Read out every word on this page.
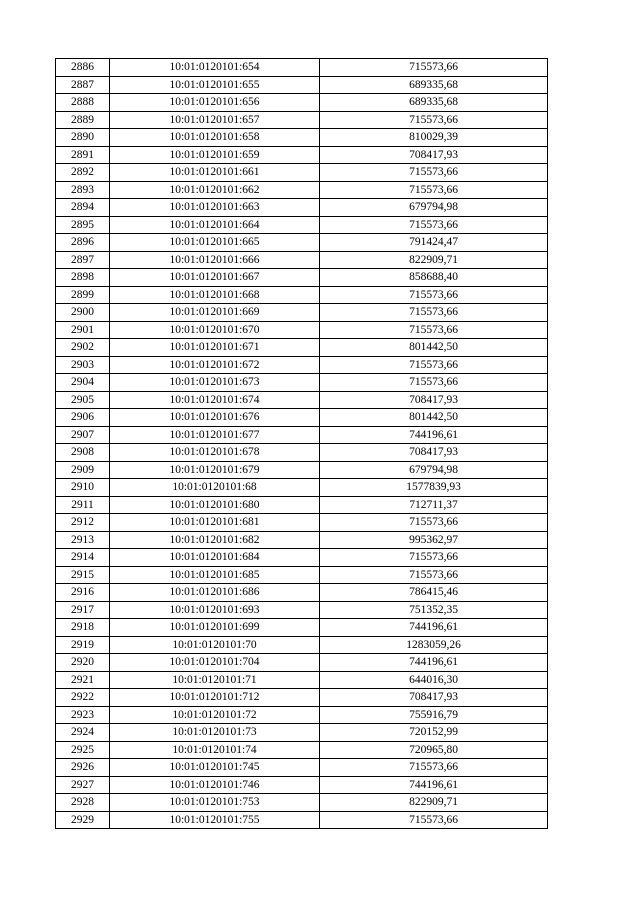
2886	10:01:0120101:654	715573,66
2887	10:01:0120101:655	689335,68
2888	10:01:0120101:656	689335,68
2889	10:01:0120101:657	715573,66
2890	10:01:0120101:658	810029,39
2891	10:01:0120101:659	708417,93
2892	10:01:0120101:661	715573,66
2893	10:01:0120101:662	715573,66
2894	10:01:0120101:663	679794,98
2895	10:01:0120101:664	715573,66
2896	10:01:0120101:665	791424,47
2897	10:01:0120101:666	822909,71
2898	10:01:0120101:667	858688,40
2899	10:01:0120101:668	715573,66
2900	10:01:0120101:669	715573,66
2901	10:01:0120101:670	715573,66
2902	10:01:0120101:671	801442,50
2903	10:01:0120101:672	715573,66
2904	10:01:0120101:673	715573,66
2905	10:01:0120101:674	708417,93
2906	10:01:0120101:676	801442,50
2907	10:01:0120101:677	744196,61
2908	10:01:0120101:678	708417,93
2909	10:01:0120101:679	679794,98
2910	10:01:0120101:68	1577839,93
2911	10:01:0120101:680	712711,37
2912	10:01:0120101:681	715573,66
2913	10:01:0120101:682	995362,97
2914	10:01:0120101:684	715573,66
2915	10:01:0120101:685	715573,66
2916	10:01:0120101:686	786415,46
2917	10:01:0120101:693	751352,35
2918	10:01:0120101:699	744196,61
2919	10:01:0120101:70	1283059,26
2920	10:01:0120101:704	744196,61
2921	10:01:0120101:71	644016,30
2922	10:01:0120101:712	708417,93
2923	10:01:0120101:72	755916,79
2924	10:01:0120101:73	720152,99
2925	10:01:0120101:74	720965,80
2926	10:01:0120101:745	715573,66
2927	10:01:0120101:746	744196,61
2928	10:01:0120101:753	822909,71
2929	10:01:0120101:755	715573,66
